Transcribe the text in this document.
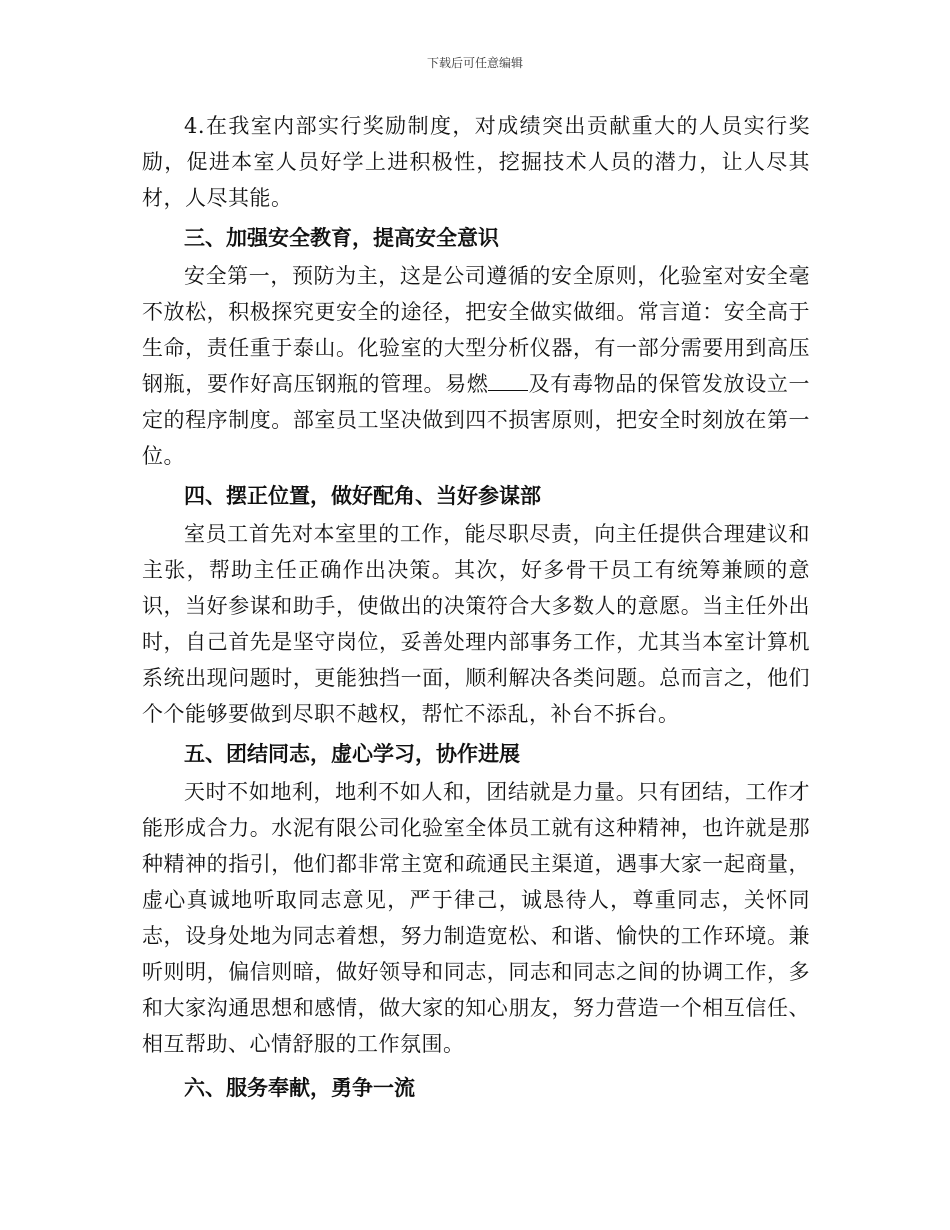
下载后可任意编辑

4.在我室内部实行奖励制度，对成绩突出贡献重大的人员实行奖励，促进本室人员好学上进积极性，挖掘技术人员的潜力，让人尽其材，人尽其能。

三、加强安全教育，提高安全意识

安全第一，预防为主，这是公司遵循的安全原则，化验室对安全毫不放松，积极探究更安全的途径，把安全做实做细。常言道：安全高于生命，责任重于泰山。化验室的大型分析仪器，有一部分需要用到高压钢瓶，要作好高压钢瓶的管理。易燃 及有毒物品的保管发放设立一定的程序制度。部室员工坚决做到四不损害原则，把安全时刻放在第一位。

四、摆正位置，做好配角、当好参谋部

室员工首先对本室里的工作，能尽职尽责，向主任提供合理建议和主张，帮助主任正确作出决策。其次，好多骨干员工有统筹兼顾的意识，当好参谋和助手，使做出的决策符合大多数人的意愿。当主任外出时，自己首先是坚守岗位，妥善处理内部事务工作，尤其当本室计算机系统出现问题时，更能独挡一面，顺利解决各类问题。总而言之，他们个个能够要做到尽职不越权，帮忙不添乱，补台不拆台。

五、团结同志，虚心学习，协作进展

天时不如地利，地利不如人和，团结就是力量。只有团结，工作才能形成合力。水泥有限公司化验室全体员工就有这种精神，也许就是那种精神的指引，他们都非常主宽和疏通民主渠道，遇事大家一起商量，虚心真诚地听取同志意见，严于律己，诚恳待人，尊重同志，关怀同志，设身处地为同志着想，努力制造宽松、和谐、愉快的工作环境。兼听则明，偏信则暗，做好领导和同志，同志和同志之间的协调工作，多和大家沟通思想和感情，做大家的知心朋友，努力营造一个相互信任、相互帮助、心情舒服的工作氛围。

六、服务奉献，勇争一流
